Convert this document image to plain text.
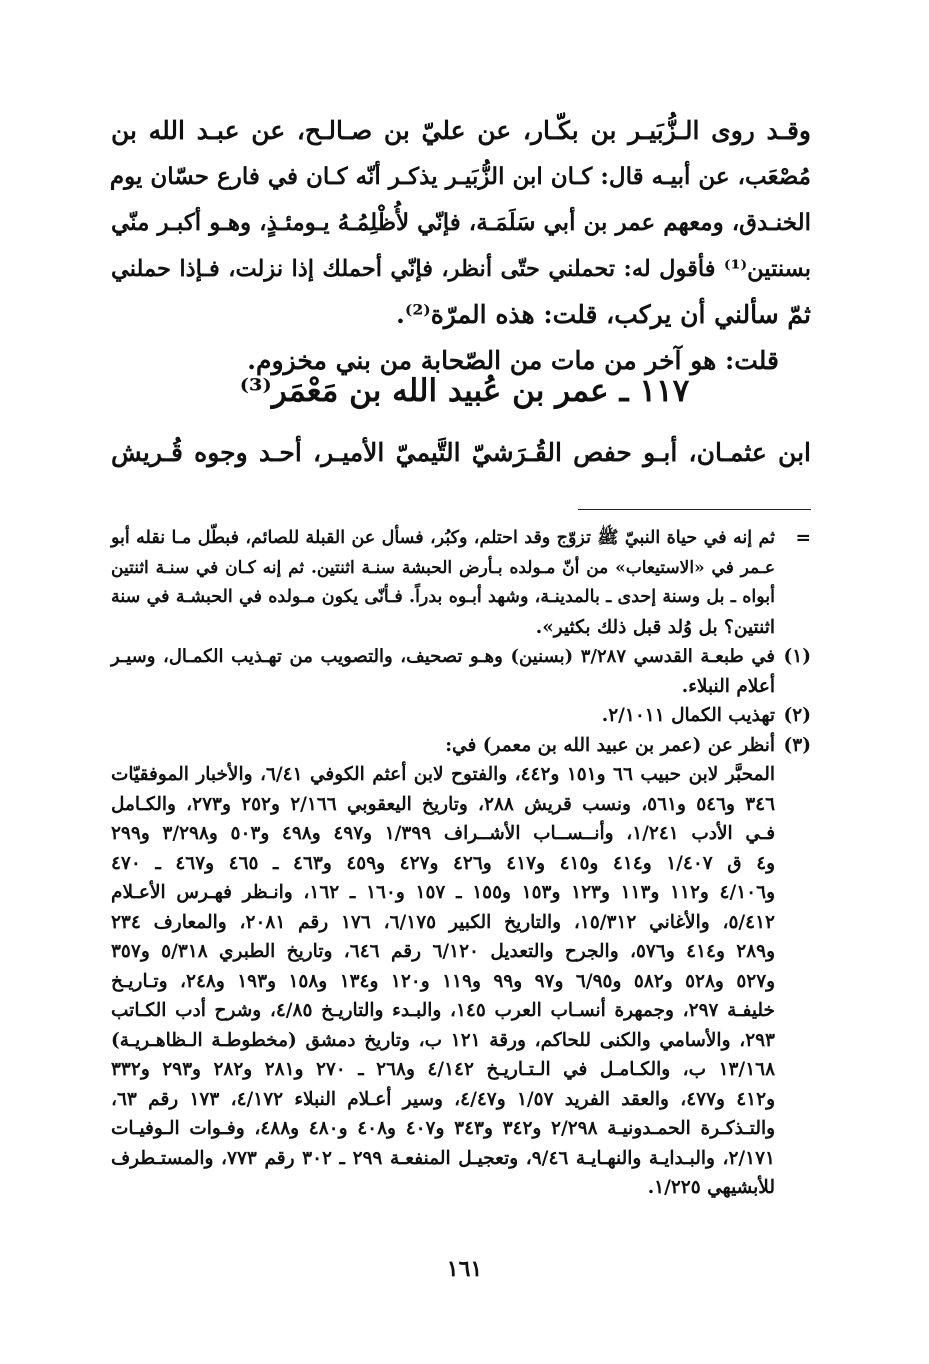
وقـد روى الـزُّبَيـر بن بكّـار، عن عليّ بن صـالـح، عن عبـد الله بن
مُصْعَب، عن أبيـه قال: كـان ابن الزُّبَيـر يذكـر أنّه كـان في فارع حسّان يوم
الخنـدق، ومعهم عمر بن أبي سَلَمَـة، فإنّي لأُظْلِمُـهُ يـومئـذٍ، وهـو أكبـر منّي
بسنتين⁽¹⁾ فأقول له: تحملني حتّى أنظر، فإنّي أحملك إذا نزلت، فـإذا حملني
ثمّ سألني أن يركب، قلت: هذه المرّة⁽²⁾.
قلت: هو آخر من مات من الصّحابة من بني مخزوم.
١١٧ ـ عمر بن عُبيد الله بن مَعْمَر⁽³⁾
ابن عثمـان، أبـو حفص القُـرَشيّ التَّيميّ الأميـر، أحـد وجوه قُـريش
=
ثم إنه في حياة النبيّ ﷺ تزوّج وقد احتلم، وكبُر، فسأل عن القبلة للصائم، فبطّل مـا نقله أبو
عـمر في «الاستيعاب» من أنّ مـولده بـأرض الحبشة سنـة اثنتين. ثم إنه كـان في سنـة اثنتين
أبواه ـ بل وسنة إحدى ـ بالمدينـة، وشهد أبـوه بدراً. فـأنّى يكون مـولده في الحبشـة في سنة
اثنتين؟ بل وُلد قبل ذلك بكثير».
(١)
في طبعـة القدسي ٣/٢٨٧ (بسنين) وهـو تصحيف، والتصويب من تهـذيب الكمـال، وسيـر
أعلام النبلاء.
(٢)
تهذيب الكمال ٢/١٠١١.
(٣)
أنظر عن (عمر بن عبيد الله بن معمر) في:
المحبَّر لابن حبيب ٦٦ و١٥١ و٤٤٢، والفتوح لابن أعثم الكوفي ٦/٤١، والأخبار الموفقيّات
٣٤٦ و٥٤٦ و٥٦١، ونسب قريش ٢٨٨، وتاريخ اليعقوبي ٢/١٦٦ و٢٥٢ و٢٧٣، والكـامل
فـي الأدب ١/٢٤١، وأنــســاب الأشــراف ١/٣٩٩ و٤٩٧ و٤٩٨ و٥٠٣ و٣/٢٩٨ و٢٩٩
و٤ ق ١/٤٠٧ و٤١٤ و٤١٥ و٤١٧ و٤٢٦ و٤٢٧ و٤٥٩ و٤٦٣ ـ ٤٦٥ و٤٦٧ ـ ٤٧٠
و٤/١٠٦ و١١٢ و١١٣ و١٢٣ و١٥٣ و١٥٥ ـ ١٥٧ و١٦٠ ـ ١٦٢، وانـظر فهـرس الأعـلام
٥/٤١٢، والأغاني ١٥/٣١٢، والتاريخ الكبير ٦/١٧٥، ١٧٦ رقم ٢٠٨١، والمعارف ٢٣٤
و٢٨٩ و٤١٤ و٥٧٦، والجرح والتعديل ٦/١٢٠ رقم ٦٤٦، وتاريخ الطبري ٥/٣١٨ و٣٥٧
و٥٢٧ و٥٢٨ و٥٨٢ و٦/٩٥ و٩٧ و٩٩ و١١٩ و١٢٠ و١٣٤ و١٥٨ و١٩٣ و٢٤٨، وتـاريـخ
خليفـة ٢٩٧، وجمهرة أنسـاب العرب ١٤٥، والبـدء والتاريـخ ٤/٨٥، وشرح أدب الكـاتب
٢٩٣، والأسامي والكنى للحاكم، ورقة ١٢١ ب، وتاريخ دمشق (مخطوطـة الـظاهـريـة)
١٣/١٦٨ ب، والكـامـل في الـتـاريـخ ٤/١٤٢ و٢٦٨ ـ ٢٧٠ و٢٨١ و٢٨٢ و٢٩٣ و٣٣٢
و٤١٢ و٤٧٧، والعقد الفريد ١/٥٧ و٤/٤٧، وسير أعـلام النبلاء ٤/١٧٢، ١٧٣ رقم ٦٣،
والتـذكـرة الحمـدونيـة ٢/٢٩٨ و٣٤٢ و٣٤٣ و٤٠٧ و٤٠٨ و٤٨٠ و٤٨٨، وفـوات الـوفيـات
٢/١٧١، والبـدايـة والنهـايـة ٩/٤٦، وتعجيـل المنفعـة ٢٩٩ ـ ٣٠٢ رقم ٧٧٣، والمستـطرف
للأبشيهي ١/٢٢٥.
١٦١
